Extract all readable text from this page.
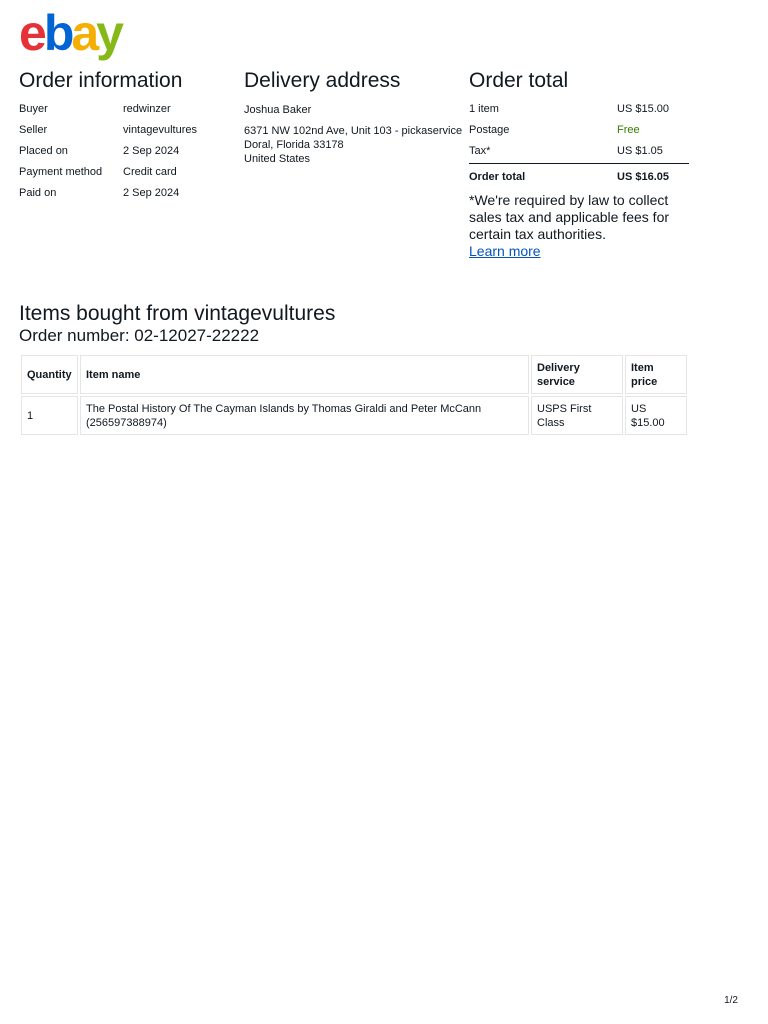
ebay
Order information
Buyer	redwinzer
Seller	vintagevultures
Placed on	2 Sep 2024
Payment method	Credit card
Paid on	2 Sep 2024
Delivery address
Joshua Baker
6371 NW 102nd Ave, Unit 103 - pickaservice
Doral, Florida 33178
United States
Order total
1 item	US $15.00
Postage	Free
Tax*	US $1.05
Order total	US $16.05
*We're required by law to collect sales tax and applicable fees for certain tax authorities.
Learn more
Items bought from vintagevultures
Order number: 02-12027-22222
Quantity	Item name	Delivery service	Item price
1	The Postal History Of The Cayman Islands by Thomas Giraldi and Peter McCann (256597388974)	USPS First Class	US $15.00
1/2
